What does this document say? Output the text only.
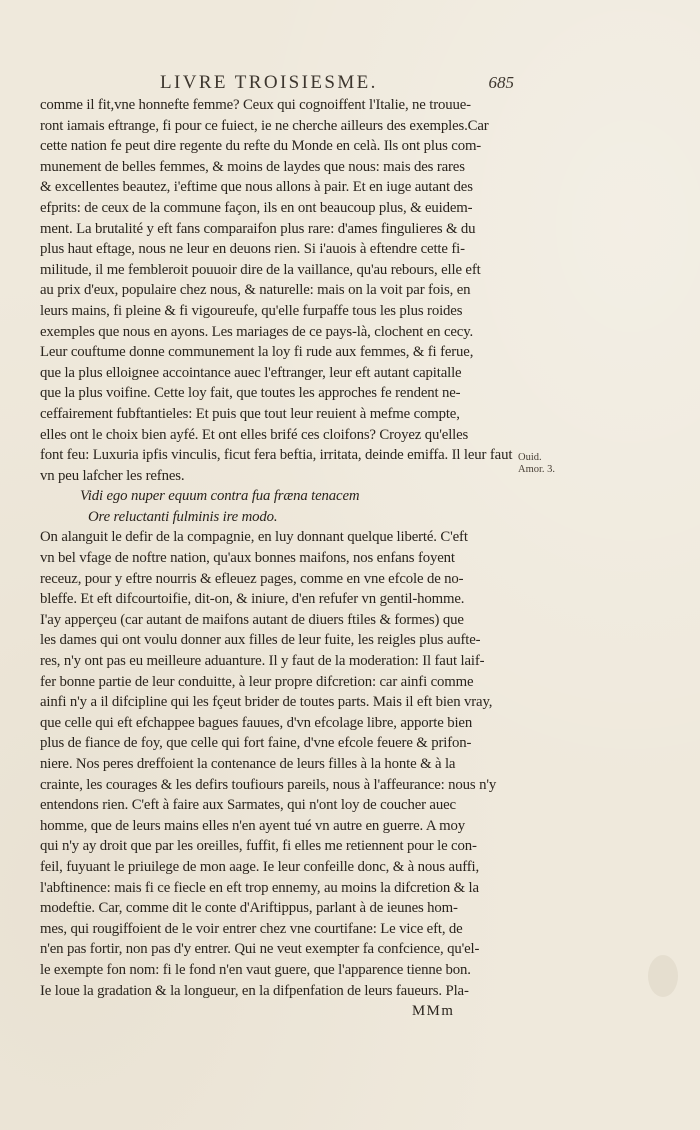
LIVRE TROISIESME.	685
comme il fit,vne honnefte femme? Ceux qui cognoiffent l'Italie, ne trouue-
ront iamais eftrange, fi pour ce fuiect, ie ne cherche ailleurs des exemples.Car
cette nation fe peut dire regente du refte du Monde en celà. Ils ont plus com-
munement de belles femmes, & moins de laydes que nous: mais des rares
& excellentes beautez, i'eftime que nous allons à pair. Et en iuge autant des
efprits: de ceux de la commune façon, ils en ont beaucoup plus, & euidem-
ment. La brutalité y eft fans comparaifon plus rare: d'ames fingulieres & du
plus haut eftage, nous ne leur en deuons rien. Si i'auois à eftendre cette fi-
militude, il me fembleroit pouuoir dire de la vaillance, qu'au rebours, elle eft
au prix d'eux, populaire chez nous, & naturelle: mais on la voit par fois, en
leurs mains, fi pleine & fi vigoureufe, qu'elle furpaffe tous les plus roides
exemples que nous en ayons. Les mariages de ce pays-là, clochent en cecy.
Leur couftume donne communement la loy fi rude aux femmes, & fi ferue,
que la plus elloignee accointance auec l'eftranger, leur eft autant capitalle
que la plus voifine. Cette loy fait, que toutes les approches fe rendent ne-
ceffairement fubftantieles: Et puis que tout leur reuient à mefme compte,
elles ont le choix bien ayfé. Et ont elles brifé ces cloifons? Croyez qu'elles
font feu: Luxuria ipfis vinculis, ficut fera beftia, irritata, deinde emiffa. Il leur faut
vn peu lafcher les refnes.
Vidi ego nuper equum contra fua fræna tenacem
Ore reluctanti fulminis ire modo.
On alanguit le defir de la compagnie, en luy donnant quelque liberté. C'eft
vn bel vfage de noftre nation, qu'aux bonnes maifons, nos enfans foyent
receuz, pour y eftre nourris & efleuez pages, comme en vne efcole de no-
bleffe. Et eft difcourtoifie, dit-on, & iniure, d'en refufer vn gentil-homme.
I'ay apperçeu (car autant de maifons autant de diuers ftiles & formes) que
les dames qui ont voulu donner aux filles de leur fuite, les reigles plus aufte-
res, n'y ont pas eu meilleure aduanture. Il y faut de la moderation: Il faut laif-
fer bonne partie de leur conduitte, à leur propre difcretion: car ainfi comme
ainfi n'y a il difcipline qui les fçeut brider de toutes parts. Mais il eft bien vray,
que celle qui eft efchappee bagues fauues, d'vn efcolage libre, apporte bien
plus de fiance de foy, que celle qui fort faine, d'vne efcole feuere & prifon-
niere. Nos peres dreffoient la contenance de leurs filles à la honte & à la
crainte, les courages & les defirs toufiours pareils, nous à l'affeurance: nous n'y
entendons rien. C'eft à faire aux Sarmates, qui n'ont loy de coucher auec
homme, que de leurs mains elles n'en ayent tué vn autre en guerre. A moy
qui n'y ay droit que par les oreilles, fuffit, fi elles me retiennent pour le con-
feil, fuyuant le priuilege de mon aage. Ie leur confeille donc, & à nous auffi,
l'abftinence: mais fi ce fiecle en eft trop ennemy, au moins la difcretion & la
modeftie. Car, comme dit le conte d'Ariftippus, parlant à de ieunes hom-
mes, qui rougiffoient de le voir entrer chez vne courtifane: Le vice eft, de
n'en pas fortir, non pas d'y entrer. Qui ne veut exempter fa confcience, qu'el-
le exempte fon nom: fi le fond n'en vaut guere, que l'apparence tienne bon.
Ie loue la gradation & la longueur, en la difpenfation de leurs faueurs. Pla-
MMm
Ouid.
Amor. 3.
